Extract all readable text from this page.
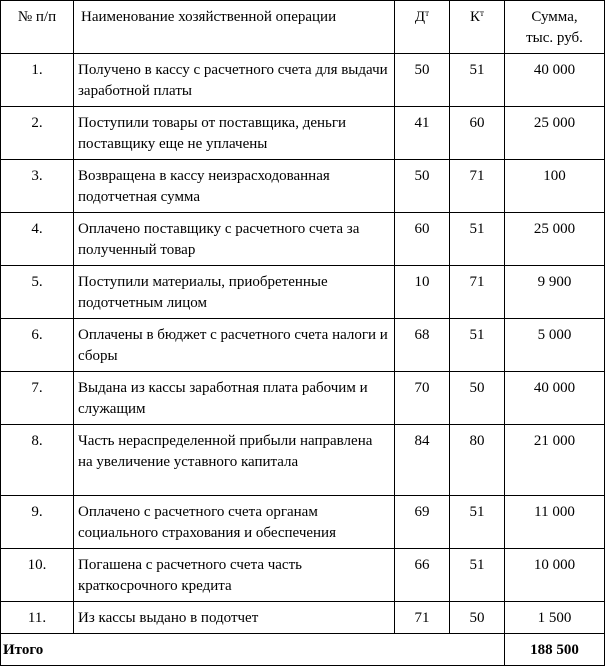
№ п/п	Наименование хозяйственной операции	$Д^т$	$К^т$	Сумма,
тыс. руб.

1.	Получено в кассу с расчетного счета для выдачи заработной платы	50	51	40 000
2.	Поступили товары от поставщика, деньги поставщику еще не уплачены	41	60	25 000
3.	Возвращена в кассу неизрасходованная подотчетная сумма	50	71	100
4.	Оплачено поставщику с расчетного счета за полученный товар	60	51	25 000
5.	Поступили материалы, приобретенные подотчетным лицом	10	71	9 900
6.	Оплачены в бюджет с расчетного счета налоги и сборы	68	51	5 000
7.	Выдана из кассы заработная плата рабочим и служащим	70	50	40 000
8.	Часть нераспределенной прибыли направлена на увеличение уставного капитала	84	80	21 000
9.	Оплачено с расчетного счета органам социального страхования и обеспечения	69	51	11 000
10.	Погашена с расчетного счета часть краткосрочного кредита	66	51	10 000
11.	Из кассы выдано в подотчет	71	50	1 500
Итого				188 500
